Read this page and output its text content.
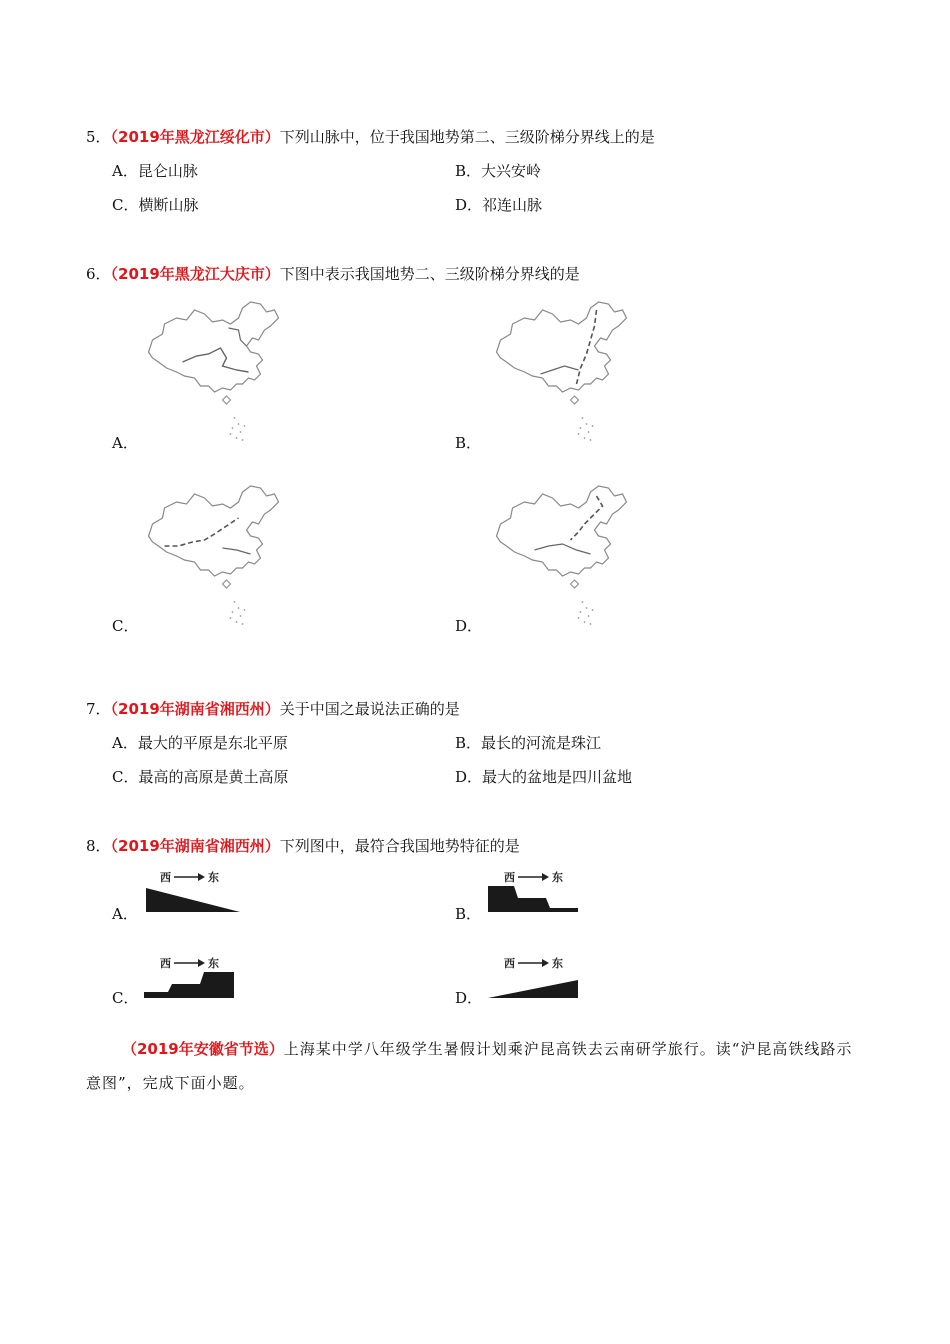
5．（2019年黑龙江绥化市）下列山脉中，位于我国地势第二、三级阶梯分界线上的是
A．昆仑山脉	B．大兴安岭
C．横断山脉	D．祁连山脉
6．（2019年黑龙江大庆市）下图中表示我国地势二、三级阶梯分界线的是
A．	B．
C．	D．
7．（2019年湖南省湘西州）关于中国之最说法正确的是
A．最大的平原是东北平原	B．最长的河流是珠江
C．最高的高原是黄土高原	D．最大的盆地是四川盆地
8．（2019年湖南省湘西州）下列图中，最符合我国地势特征的是
A．
西	东
B．
西	东
C．
西	东
D．
西	东
（2019年安徽省节选）上海某中学八年级学生暑假计划乘沪昆高铁去云南研学旅行。读“沪昆高铁线路示意图”，完成下面小题。
